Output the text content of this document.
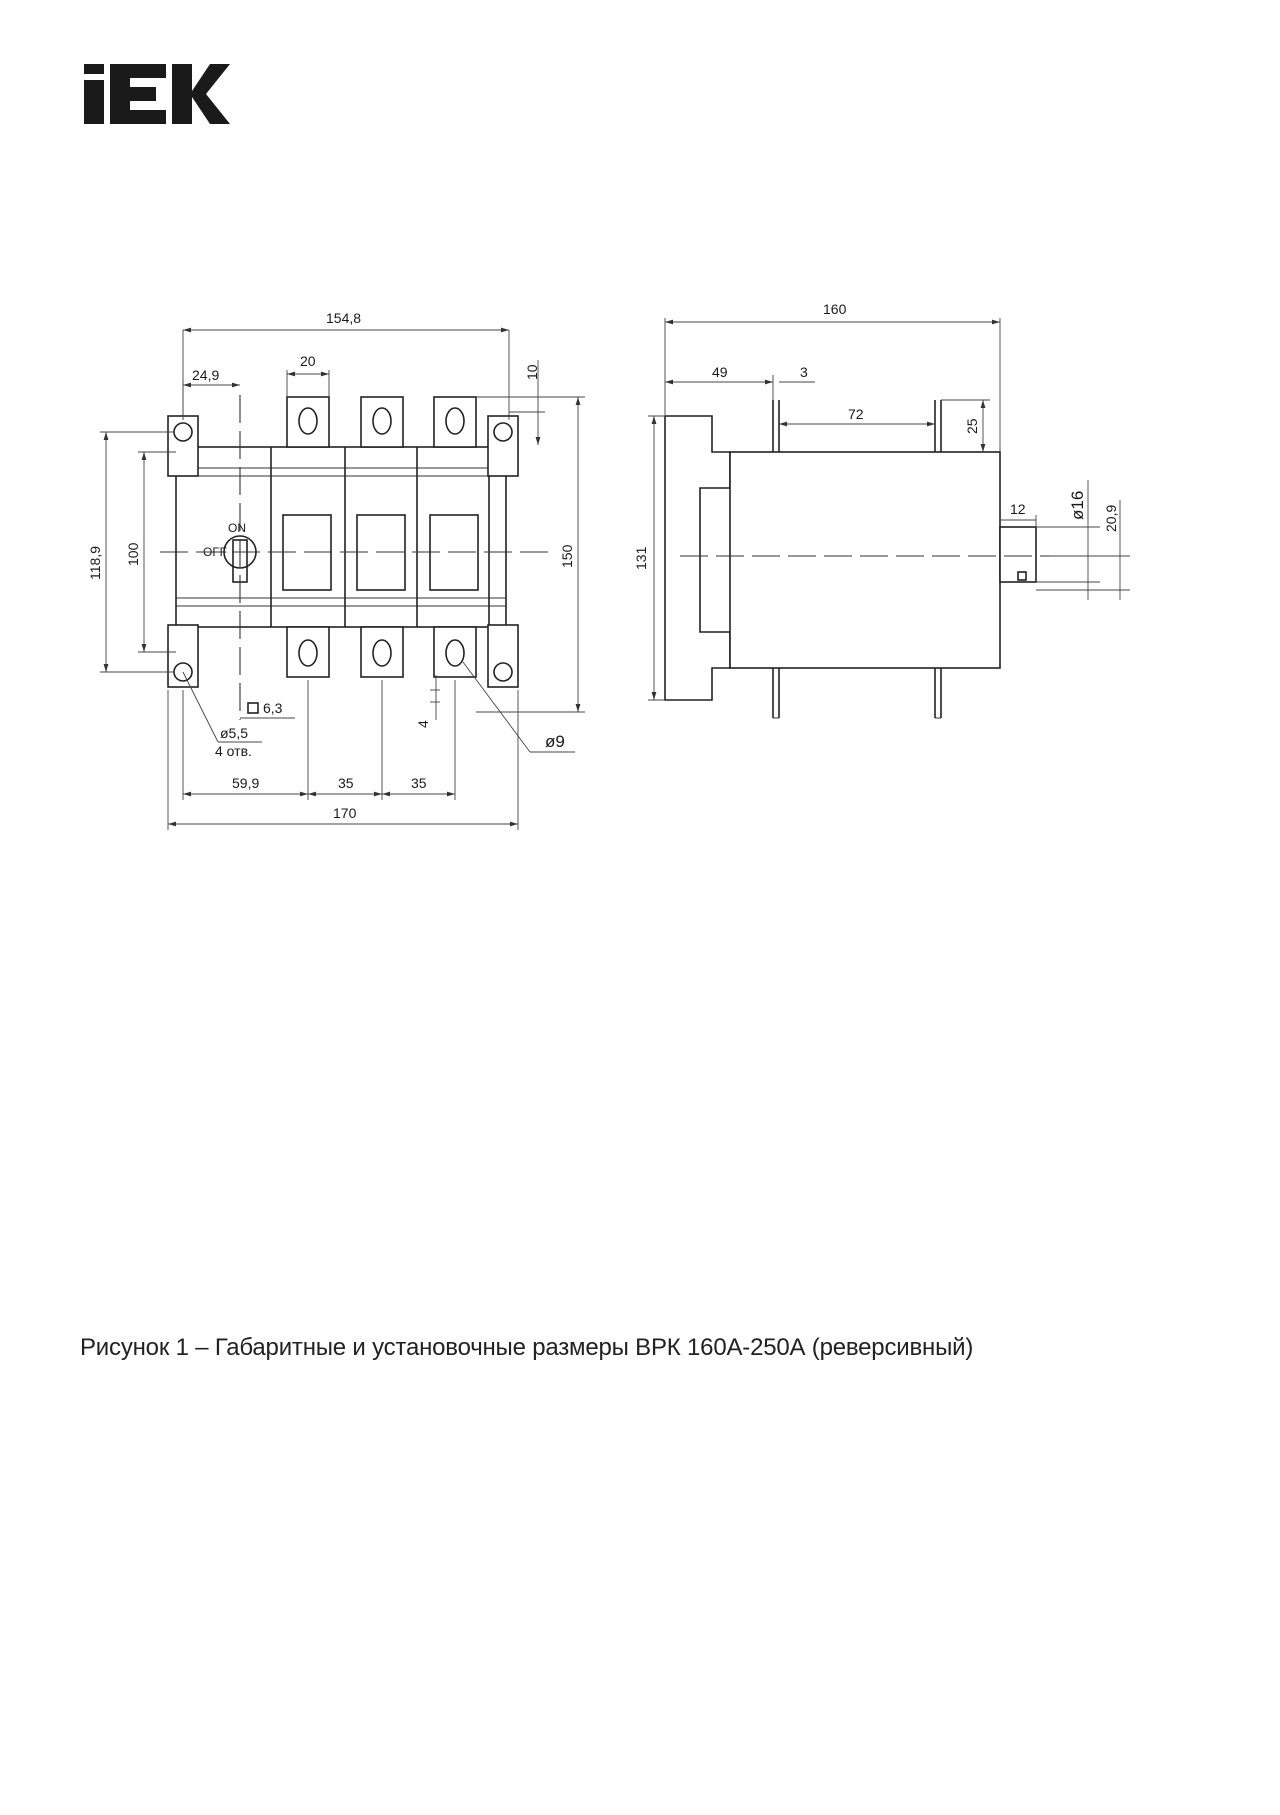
ON
OFF
154,8
20
24,9	10
118,9 100	150
6,3
ø5,5
4 отв.
4
ø9
59,9	35	35
170
160
49	3
72
25
131
12 ø16 20,9
Рисунок 1 – Габаритные и установочные размеры ВРК 160А-250А (реверсивный)
